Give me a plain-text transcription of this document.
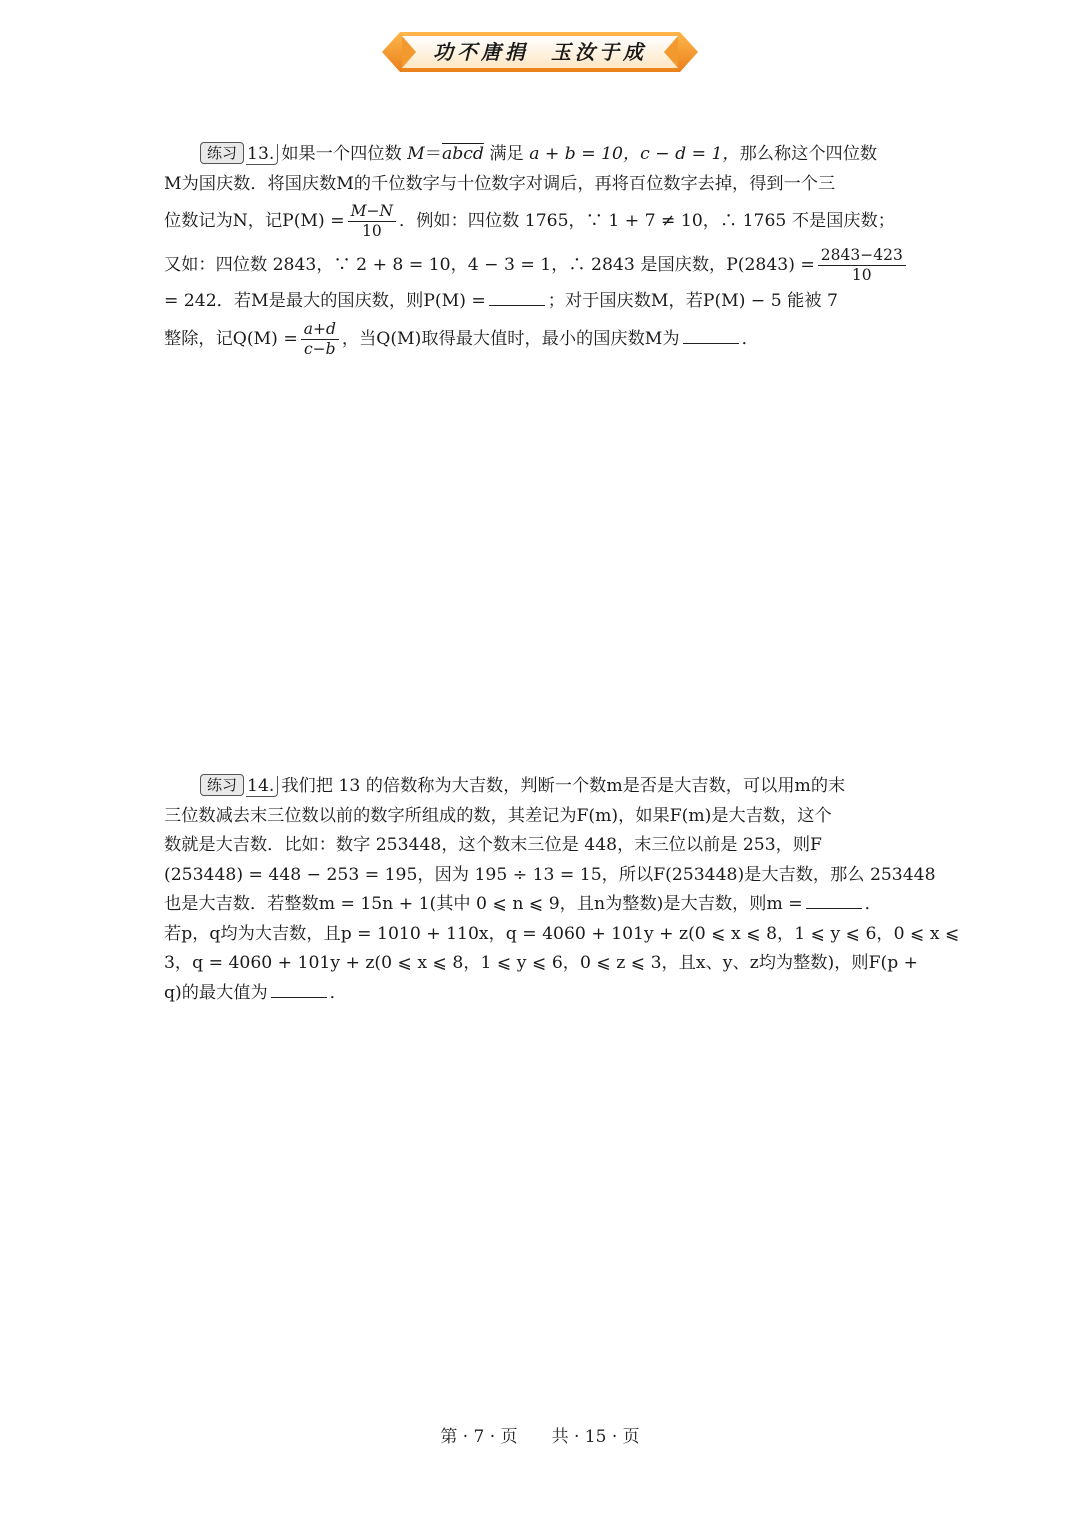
功不唐捐 玉汝于成
练习 13. 如果一个四位数 M＝abcd 满足 a + b = 10，c − d = 1，那么称这个四位数
M为国庆数．将国庆数M的千位数字与十位数字对调后，再将百位数字去掉，得到一个三
位数记为N，记$P(M) = \frac{M-N}{10}$ ．例如：四位数 1765，∵ 1 + 7 ≠ 10，∴ 1765 不是国庆数；
又如：四位数 2843，∵ 2 + 8 = 10，4 − 3 = 1，∴ 2843 是国庆数，$P(2843) = \frac{2843-423}{10}$
= 242．若M是最大的国庆数，则P(M) =	；对于国庆数M，若P(M) − 5 能被 7
整除，记$Q(M) = \frac{a+d}{c-b}$ ，当Q(M)取得最大值时，最小的国庆数M为	．
练习 14. 我们把 13 的倍数称为大吉数，判断一个数m是否是大吉数，可以用m的末
三位数减去末三位数以前的数字所组成的数，其差记为F(m)，如果F(m)是大吉数，这个
数就是大吉数．比如：数字 253448，这个数末三位是 448，末三位以前是 253，则F
(253448) = 448 − 253 = 195，因为 195 ÷ 13 = 15，所以F(253448)是大吉数，那么 253448
也是大吉数．若整数m = 15n + 1(其中 0 ⩽ n ⩽ 9，且n为整数)是大吉数，则m =	．
若p，q均为大吉数，且p = 1010 + 110x，q = 4060 + 101y + z(0 ⩽ x ⩽ 8，1 ⩽ y ⩽ 6，0 ⩽ x ⩽
3，q = 4060 + 101y + z(0 ⩽ x ⩽ 8，1 ⩽ y ⩽ 6，0 ⩽ z ⩽ 3，且x、y、z均为整数)，则F(p +
q)的最大值为	．
第 · 7 · 页 共 · 15 · 页
